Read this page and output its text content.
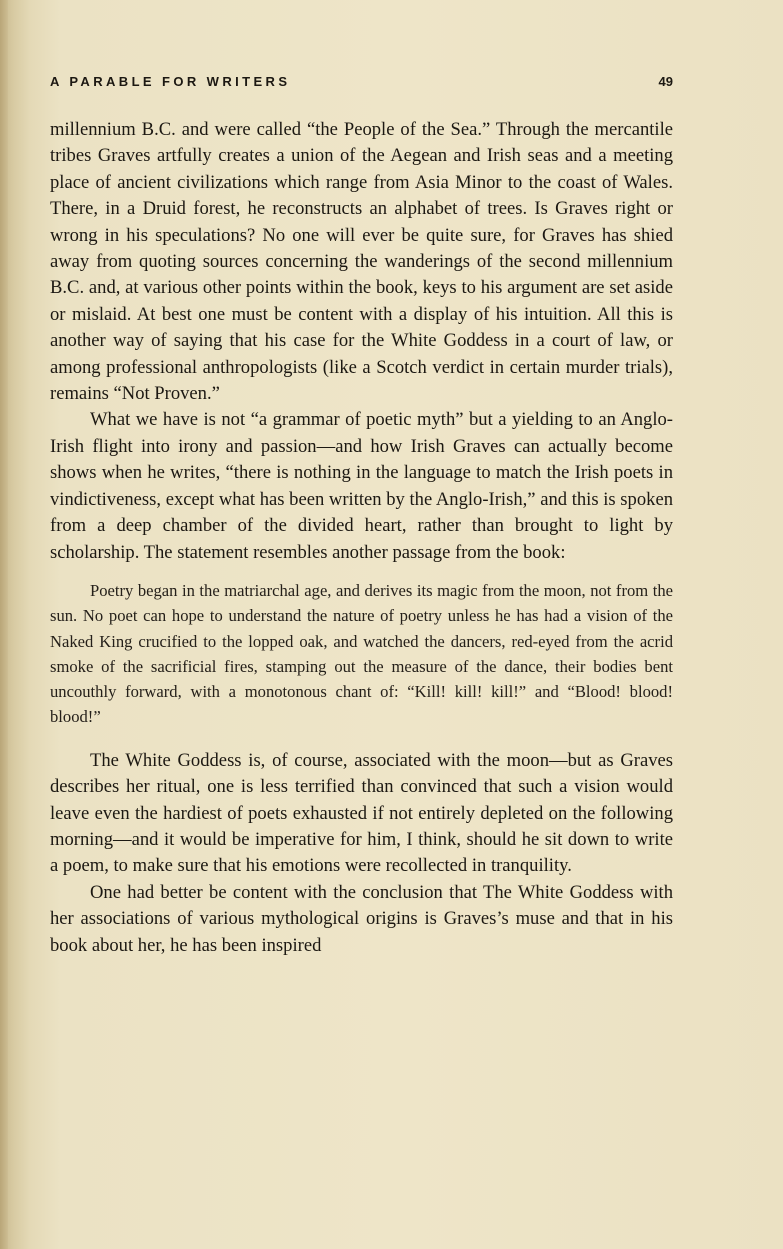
A PARABLE FOR WRITERS	49

millennium B.C. and were called “the People of the Sea.” Through the mercantile tribes Graves artfully creates a union of the Aegean and Irish seas and a meeting place of ancient civilizations which range from Asia Minor to the coast of Wales. There, in a Druid forest, he reconstructs an alphabet of trees. Is Graves right or wrong in his speculations? No one will ever be quite sure, for Graves has shied away from quoting sources concerning the wanderings of the second millennium B.C. and, at various other points within the book, keys to his argument are set aside or mislaid. At best one must be content with a display of his intuition. All this is another way of saying that his case for the White Goddess in a court of law, or among professional anthropologists (like a Scotch verdict in certain murder trials), remains “Not Proven.”

What we have is not “a grammar of poetic myth” but a yielding to an Anglo-Irish flight into irony and passion—and how Irish Graves can actually become shows when he writes, “there is nothing in the language to match the Irish poets in vindictiveness, except what has been written by the Anglo-Irish,” and this is spoken from a deep chamber of the divided heart, rather than brought to light by scholarship. The statement resembles another passage from the book:

Poetry began in the matriarchal age, and derives its magic from the moon, not from the sun. No poet can hope to understand the nature of poetry unless he has had a vision of the Naked King crucified to the lopped oak, and watched the dancers, red-eyed from the acrid smoke of the sacrificial fires, stamping out the measure of the dance, their bodies bent uncouthly forward, with a monotonous chant of: “Kill! kill! kill!” and “Blood! blood! blood!”

The White Goddess is, of course, associated with the moon—but as Graves describes her ritual, one is less terrified than convinced that such a vision would leave even the hardiest of poets exhausted if not entirely depleted on the following morning—and it would be imperative for him, I think, should he sit down to write a poem, to make sure that his emotions were recollected in tranquility.

One had better be content with the conclusion that The White Goddess with her associations of various mythological origins is Graves’s muse and that in his book about her, he has been inspired
